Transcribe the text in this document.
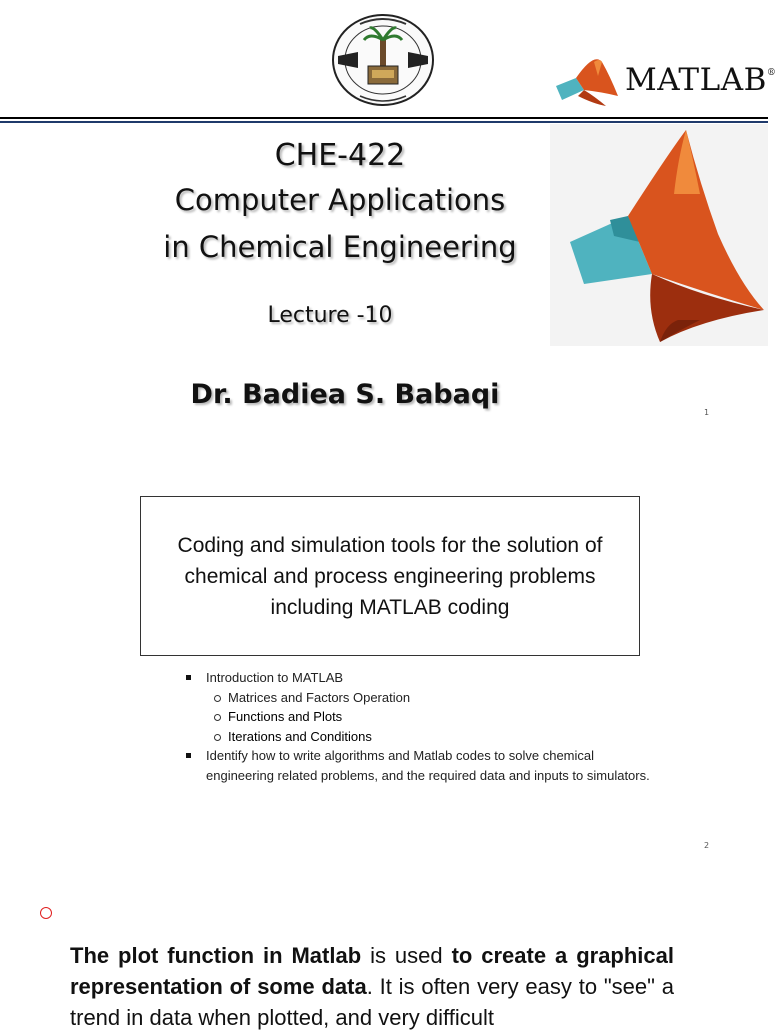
MATLAB®
CHE-422
Computer Applications
in Chemical Engineering
Lecture -10
Dr. Badiea S. Babaqi
1
Coding and simulation tools for the solution of
chemical and process engineering problems
including MATLAB coding
Introduction to MATLAB
Matrices and Factors Operation
Functions and Plots
Iterations and Conditions
Identify how to write algorithms and Matlab codes to solve chemical engineering related problems, and the required data and inputs to simulators.
2
The plot function in Matlab is used to create a graphical representation of some data. It is often very easy to "see" a trend in data when plotted, and very difficult
